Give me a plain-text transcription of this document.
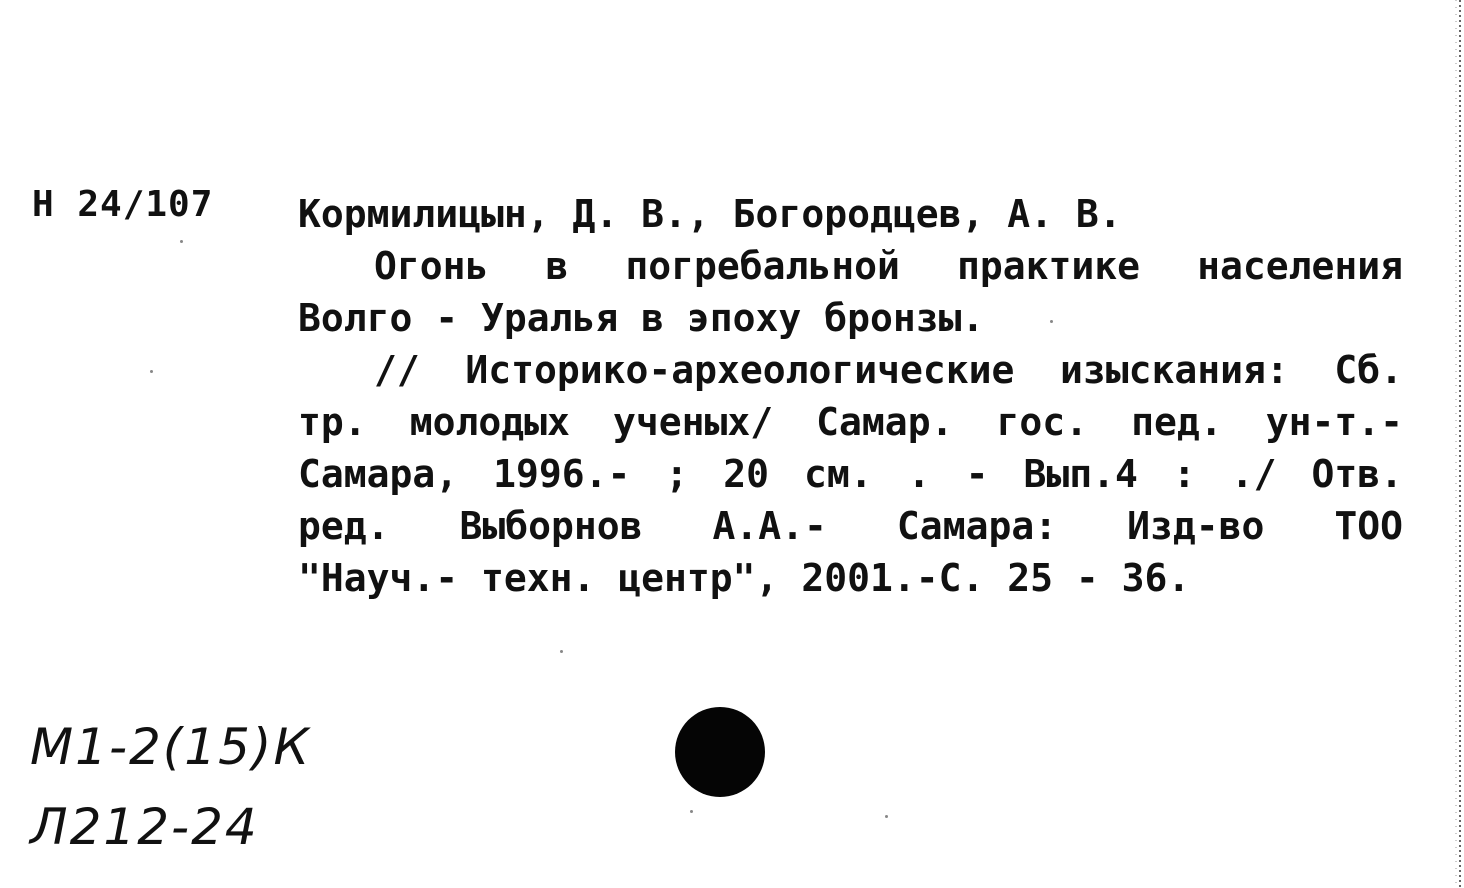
Н 24/107 Кормилицын, Д. В., Богородцев, А. В.
Огонь в погребальной практике населения
Волго - Уралья в эпоху бронзы.
// Историко-археологические изыскания: Сб.
тр. молодых ученых/ Самар. гос. пед. ун-т.-
Самара, 1996.- ; 20 см. . - Вып.4 : ./ Отв.
ред. Выборнов А.А.- Самара: Изд-во ТОО
"Науч.- техн. центр", 2001.-С. 25 - 36.
М1-2(15)К
Л212-24
